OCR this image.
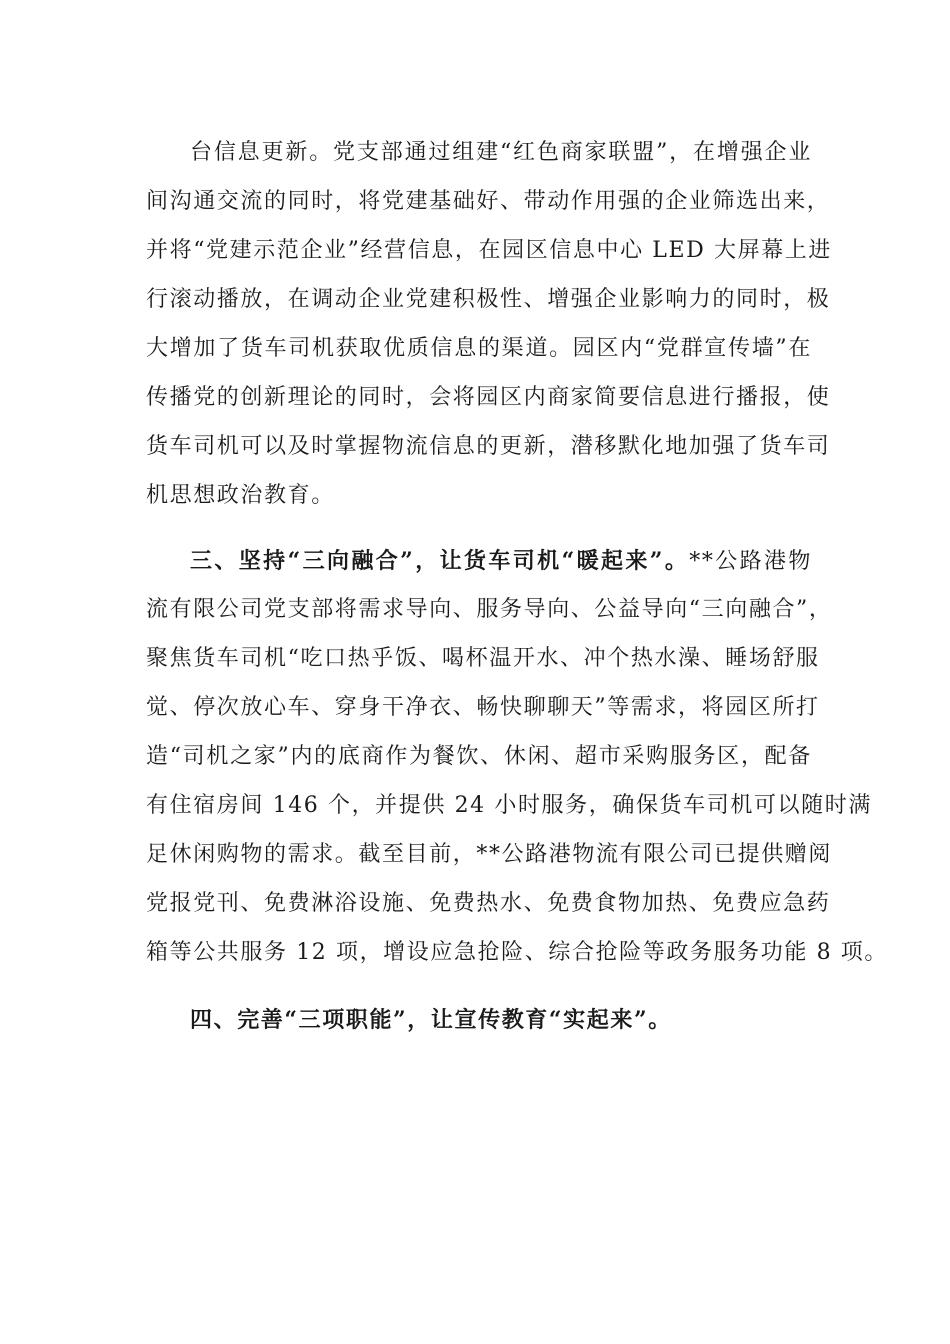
台信息更新。党支部通过组建“红色商家联盟”，在增强企业
间沟通交流的同时，将党建基础好、带动作用强的企业筛选出来，
并将“党建示范企业”经营信息，在园区信息中心 LED 大屏幕上进
行滚动播放，在调动企业党建积极性、增强企业影响力的同时，极
大增加了货车司机获取优质信息的渠道。园区内“党群宣传墙”在
传播党的创新理论的同时，会将园区内商家简要信息进行播报，使
货车司机可以及时掌握物流信息的更新，潜移默化地加强了货车司
机思想政治教育。
三、坚持“三向融合”，让货车司机“暖起来”。**公路港物
流有限公司党支部将需求导向、服务导向、公益导向“三向融合”，
聚焦货车司机“吃口热乎饭、喝杯温开水、冲个热水澡、睡场舒服
觉、停次放心车、穿身干净衣、畅快聊聊天”等需求，将园区所打
造“司机之家”内的底商作为餐饮、休闲、超市采购服务区，配备
有住宿房间 146 个，并提供 24 小时服务，确保货车司机可以随时满
足休闲购物的需求。截至目前，**公路港物流有限公司已提供赠阅
党报党刊、免费淋浴设施、免费热水、免费食物加热、免费应急药
箱等公共服务 12 项，增设应急抢险、综合抢险等政务服务功能 8 项。
四、完善“三项职能”，让宣传教育“实起来”。
